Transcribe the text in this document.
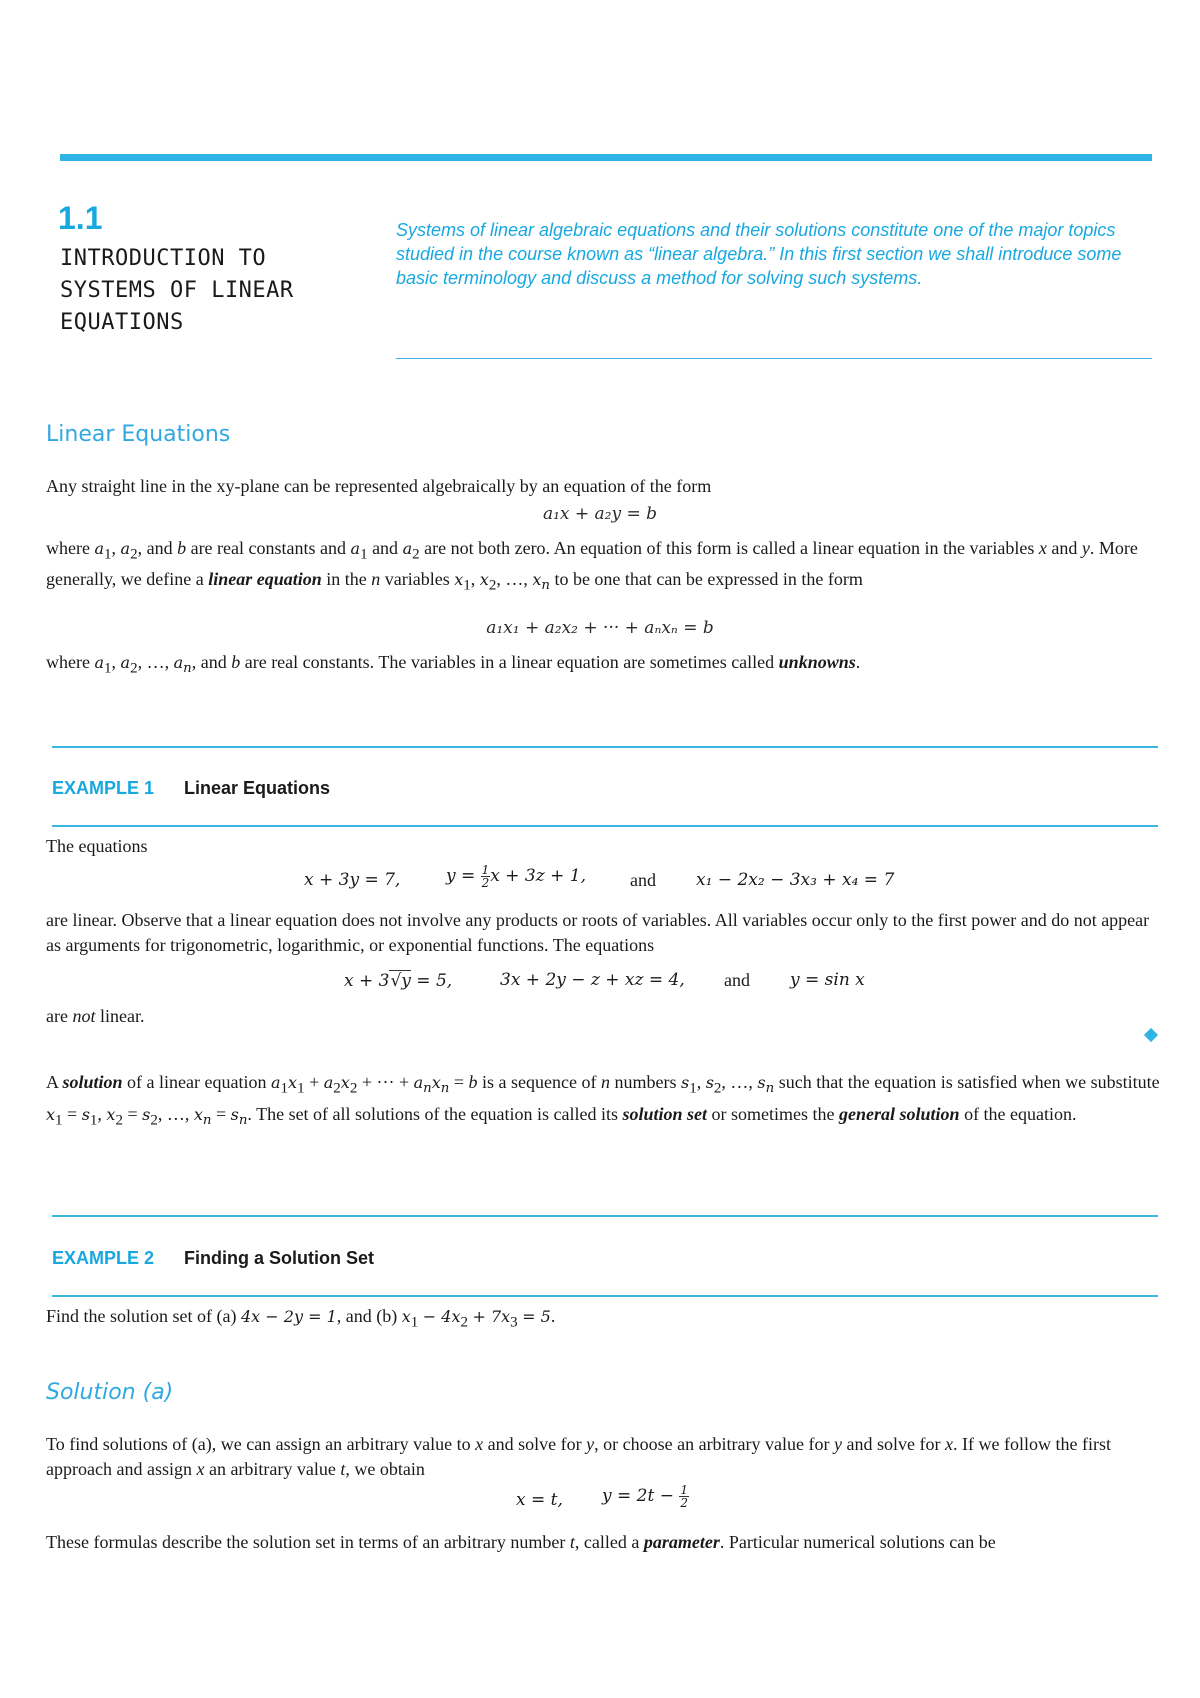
1.1
INTRODUCTION TO
SYSTEMS OF LINEAR
EQUATIONS
Systems of linear algebraic equations and their solutions constitute one of the major topics studied in the course known as “linear algebra.” In this first section we shall introduce some basic terminology and discuss a method for solving such systems.
Linear Equations
Any straight line in the xy-plane can be represented algebraically by an equation of the form
a₁x + a₂y = b
where $a_1$, $a_2$, and b are real constants and $a_1$ and $a_2$ are not both zero. An equation of this form is called a linear equation in the variables x and y. More generally, we define a linear equation in the n variables $x_1$, $x_2$, …, $x_n$ to be one that can be expressed in the form
a₁x₁ + a₂x₂ + ··· + aₙxₙ = b
where $a_1$, $a_2$, …, $a_n$, and b are real constants. The variables in a linear equation are sometimes called unknowns.
EXAMPLE 1 Linear Equations
The equations
x + 3y = 7,	$y = \frac{1}{2}$ x + 3z + 1, and x₁ − 2x₂ − 3x₃ + x₄ = 7
are linear. Observe that a linear equation does not involve any products or roots of variables. All variables occur only to the first power and do not appear as arguments for trigonometric, logarithmic, or exponential functions. The equations
x + 3√y = 5,	3x + 2y − z + xz = 4, and y = sin x
are not linear.
A solution of a linear equation $a_1x_1 + a_2x_2$ + ··· + $a_nx_n = b$ is a sequence of n numbers $s_1$, $s_2$, …, $s_n$ such that the equation is satisfied when we substitute $x_1 = s_1$, $x_2 = s_2$, …, $x_n = s_n$. The set of all solutions of the equation is called its solution set or sometimes the general solution of the equation.
EXAMPLE 2 Finding a Solution Set
Find the solution set of (a) 4x − 2y = 1, and (b) $x_1 - 4x_2 + 7x_3 = 5$.
Solution (a)
To find solutions of (a), we can assign an arbitrary value to x and solve for y, or choose an arbitrary value for y and solve for x. If we follow the first approach and assign x an arbitrary value t, we obtain
x = t, $y = 2t - \frac{1}{2}$
These formulas describe the solution set in terms of an arbitrary number t, called a parameter. Particular numerical solutions can be
